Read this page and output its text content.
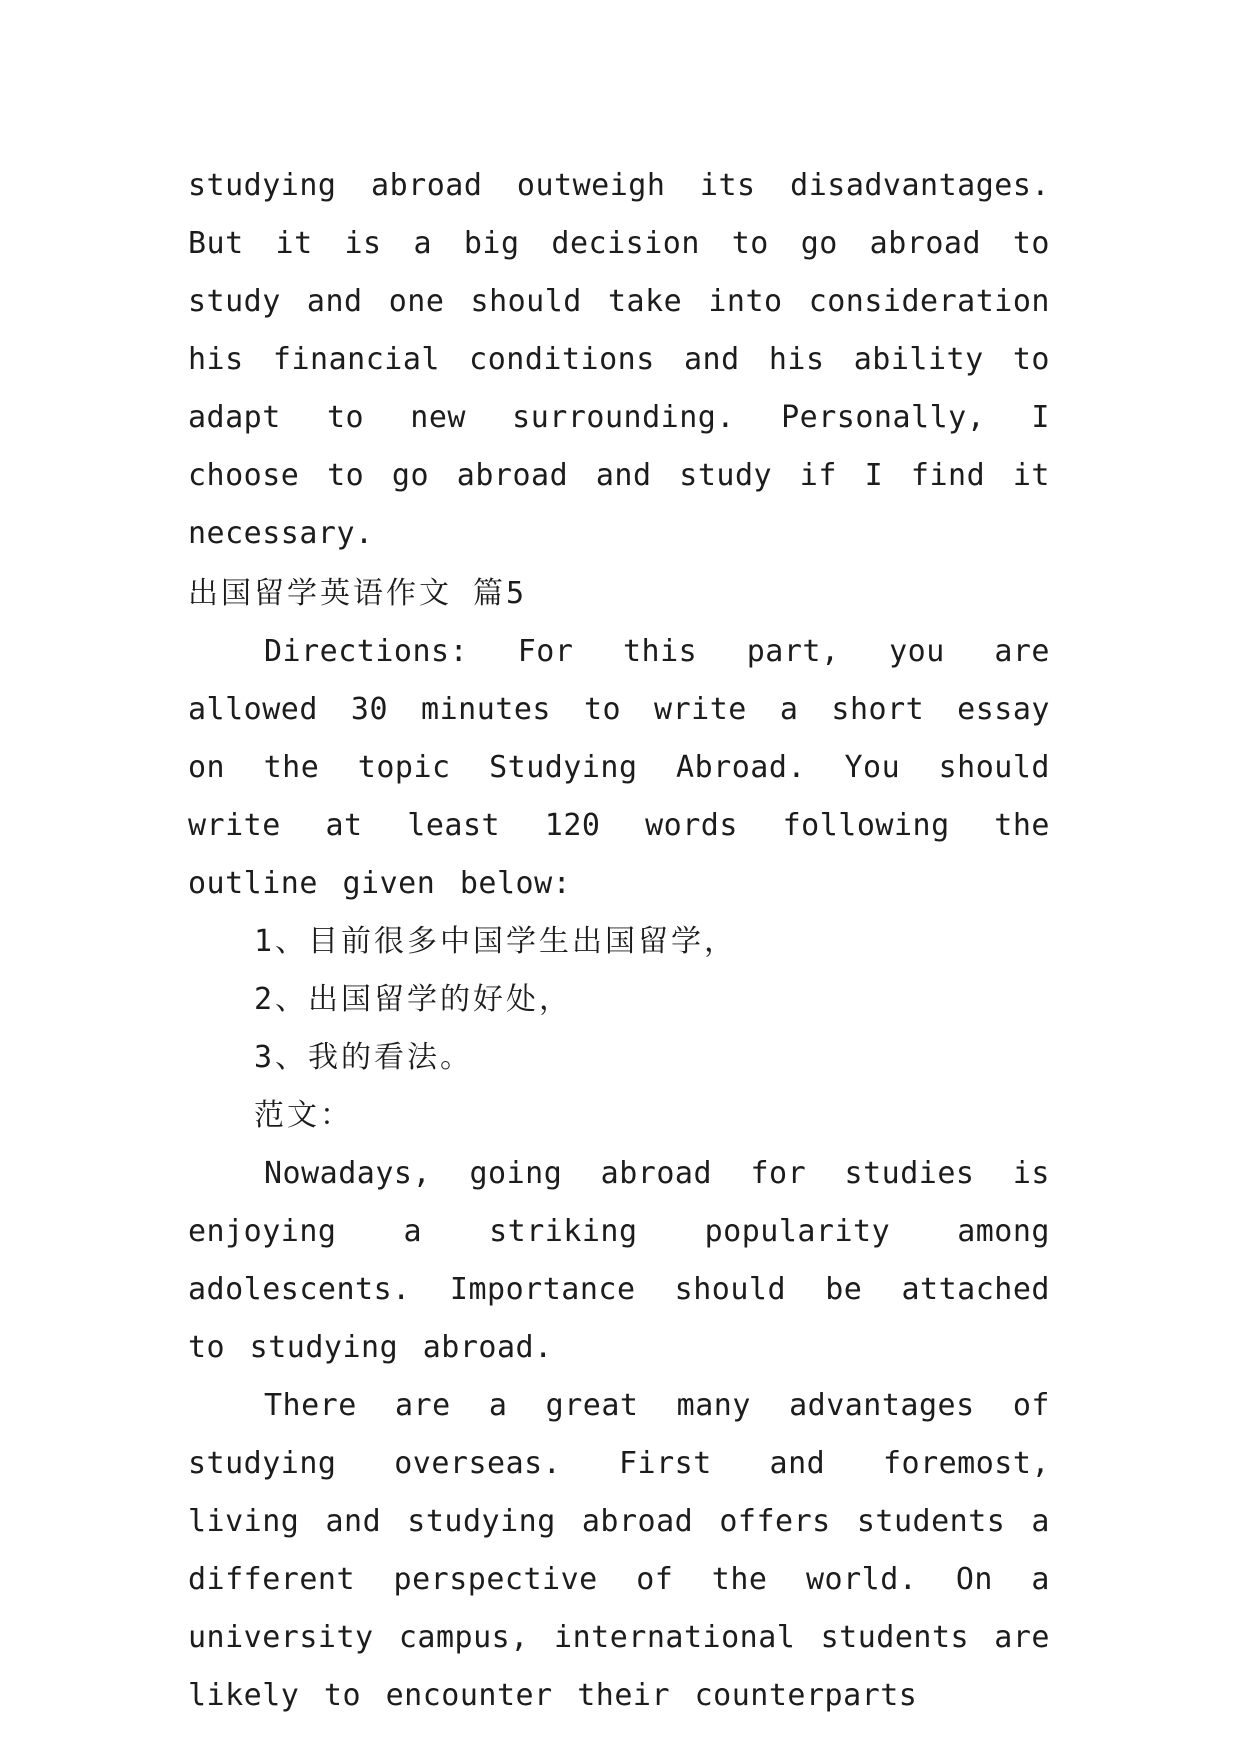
studying abroad outweigh its disadvantages. But it is a big decision to go abroad to study and one should take into consideration his financial conditions and his ability to adapt to new surrounding. Personally, I choose to go abroad and study if I find it necessary.

出国留学英语作文 篇5

Directions: For this part, you are allowed 30 minutes to write a short essay on the topic Studying Abroad. You should write at least 120 words following the outline given below:

1、目前很多中国学生出国留学，

2、出国留学的好处，

3、我的看法。

范文：

Nowadays, going abroad for studies is enjoying a striking popularity among adolescents. Importance should be attached to studying abroad.

There are a great many advantages of studying overseas. First and foremost, living and studying abroad offers students a different perspective of the world. On a university campus, international students are likely to encounter their counterparts
